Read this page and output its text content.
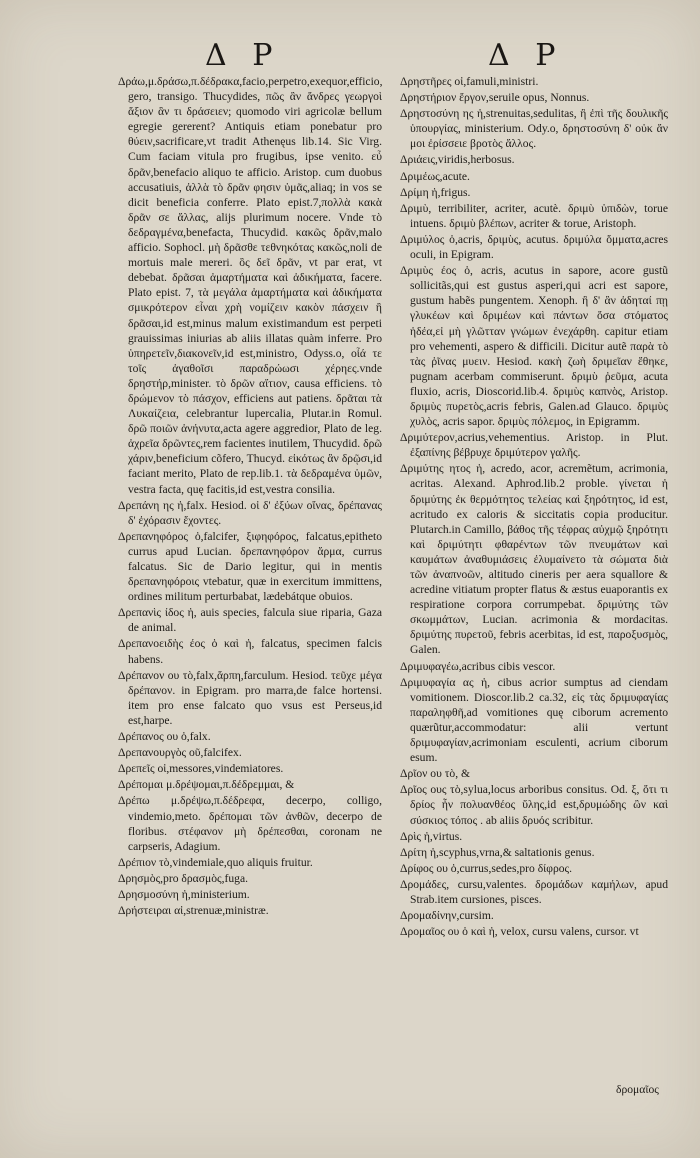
Δ Ρ	Δ Ρ

Δράω,μ.δράσω,π.δέδρακα,facio,perpetro,exequor,efficio, gero, transigo. Thucydides, πῶς ἂν ἄνδρες γεωργοὶ ἄξιον ἂν τι δράσειεν; quomodo viri agricolæ bellum egregie gererent? Antiquis etiam ponebatur pro θύειν,sacrificare,vt tradit Athenęus lib.14. Sic Virg. Cum faciam vitula pro frugibus, ipse venito. εὖ δρᾶν,benefacio aliquo te afficio. Aristop. cum duobus accusatiuis, ἀλλὰ τὸ δρᾶν φησιν ὑμᾶς,aliaq; in vos se dicit beneficia conferre. Plato epist.7,πολλὰ κακὰ δρᾶν σε ἄλλας, alijs plurimum nocere. Vnde τὸ δεδραγμένα,benefacta, Thucydid. κακῶς δρᾶν,malo afficio. Sophocl. μὴ δρᾶσθε τεθνηκότας κακῶς,noli de mortuis male mereri. ὃς δεῖ δρᾶν, vt par erat, vt debebat. δρᾶσαι ἁμαρτήματα καὶ ἀδικήματα, facere. Plato epist. 7, τὰ μεγάλα ἁμαρτήματα καὶ ἀδικήματα σμικρότερον εἶναι χρὴ νομίζειν κακὸν πάσχειν ἢ δρᾶσαι,id est,minus malum existimandum est perpeti grauissimas iniurias ab aliis illatas quàm inferre. Pro ὑπηρετεῖν,διακονεῖν,id est,ministro, Odyss.o, οἷά τε τοῖς ἀγαθοῖσι παραδρώωσι χέρηες.vnde δρηστήρ,minister. τὸ δρῶν αἴτιον, causa efficiens. τὸ δρώμενον τὸ πάσχον, efficiens aut patiens. δρᾶται τὰ Λυκαίζεια, celebrantur lupercalia, Plutar.in Romul. δρῶ ποιῶν ἀνήνυτα,acta agere aggredior, Plato de leg. ἀχρεῖα δρῶντες,rem facientes inutilem, Thucydid. δρῶ χάριν,beneficium cõfero, Thucyd. εἰκότως ἂν δρῷσι,id faciant merito, Plato de rep.lib.1. τὰ δεδραμένα ὑμῶν, vestra facta, quę facitis,id est,vestra consilia.

Δρεπάνη ης ἡ,falx. Hesiod. οἱ δ' ἐξύων οἴνας, δρέπανας δ' ἐχόρασιν ἔχοντες.

Δρεπανηφόρος ὁ,falcifer, ξιφηφόρος, falcatus,epitheto currus apud Lucian. δρεπανηφόρον ἅρμα, currus falcatus. Sic de Dario legitur, qui in mentis δρεπανηφόροις vtebatur, quæ in exercitum immittens, ordines militum perturbabat, lædebátque obuios.

Δρεπανὶς ίδος ἡ, auis species, falcula siue riparia, Gaza de animal.

Δρεπανοειδὴς έος ὁ καὶ ἡ, falcatus, specimen falcis habens.

Δρέπανον ου τὸ,falx,ἅρπη,farculum. Hesiod. τεῦχε μέγα δρέπανον. in Epigram. pro marra,de falce hortensi. item pro ense falcato quo vsus est Perseus,id est,harpe.

Δρέπανος ου ὁ,falx.

Δρεπανουργὸς οῦ,falcifex.

Δρεπεῖς οἱ,messores,vindemiatores.

Δρέπομαι μ.δρέψομαι,π.δέδρεμμαι, &

Δρέπω μ.δρέψω,π.δέδρεφα, decerpo, colligo, vindemio,meto. δρέπομαι τῶν ἀνθῶν, decerpo de floribus. στέφανον μὴ δρέπεσθαι, coronam ne carpseris, Adagium.

Δρέπιον τὸ,vindemiale,quo aliquis fruitur.

Δρησμὸς,pro δρασμὸς,fuga.

Δρησμοσύνη ἡ,ministerium.

Δρήστειραι αἱ,strenuæ,ministræ.

Δρηστῆρες οἱ,famuli,ministri.

Δρηστήριον ἔργον,seruile opus, Nonnus.

Δρηστοσύνη ης ἡ,strenuitas,sedulitas, ἢ ἐπὶ τῆς δουλικῆς ὑπουργίας, ministerium. Ody.o, δρηστοσύνη δ' οὐκ ἄν μοι ἐρίσσειε βροτὸς ἄλλος.

Δριάεις,viridis,herbosus.

Δριμέως,acute.

Δρίμη ἡ,frigus.

Δριμὺ, terribiliter, acriter, acutè. δριμὺ ὑπιδὼν, torue intuens. δριμὺ βλέπων, acriter & torue, Aristoph.

Δριμύλος ὁ,acris, δριμὺς, acutus. δριμύλα ὄμματα,acres oculi, in Epigram.

Δριμὺς έος ὁ, acris, acutus in sapore, acore gustũ sollicitãs,qui est gustus asperi,qui acri est sapore, gustum habẽs pungentem. Xenoph. ἢ δ' ἂν ἀδηταί πῃ γλυκέων καὶ δριμέων καὶ πάντων ὅσα στόματος ἡδέα,εἰ μὴ γλῶτταν γνώμων ἐνεχάρθη. capitur etiam pro vehementi, aspero & difficili. Dicitur autẽ παρὰ τὸ τὰς ῥῖνας μυειν. Hesiod. κακὴ ζωὴ δριμεῖαν ἔθηκε, pugnam acerbam commiserunt. δριμὺ ῥεῦμα, acuta fluxio, acris, Dioscorid.lib.4. δριμὺς καπνὸς, Aristop. δριμὺς πυρετὸς,acris febris, Galen.ad Glauco. δριμὺς χυλὸς, acris sapor. δριμὺς πόλεμος, in Epigramm.

Δριμύτερον,acrius,vehementius. Aristop. in Plut. ἐξαπίνης βέβρυχε δριμύτερον γαλῆς.

Δριμύτης ητος ἡ, acredo, acor, acremẽtum, acrimonia, acritas. Alexand. Aphrod.lib.2 proble. γίνεται ἡ δριμύτης ἐκ θερμότητος τελείας καὶ ξηρότητος, id est, acritudo ex caloris & siccitatis copia producitur. Plutarch.in Camillo, βάθος τῆς τέφρας αὐχμῷ ξηρότητι καὶ δριμύτητι φθαρέντων τῶν πνευμάτων καὶ καυμάτων ἀναθυμιάσεις ἐλυμαίνετο τὰ σώματα διὰ τῶν ἀναπνοῶν, altitudo cineris per aera squallore & acredine vitiatum propter flatus & æstus euaporantis ex respiratione corpora corrumpebat. δριμύτης τῶν σκωμμάτων, Lucian. acrimonia & mordacitas. δριμύτης πυρετοῦ, febris acerbitas, id est, παροξυσμὸς, Galen.

Δριμυφαγέω,acribus cibis vescor.

Δριμυφαγία ας ἡ, cibus acrior sumptus ad ciendam vomitionem. Dioscor.lib.2 ca.32, εἰς τὰς δριμυφαγίας παραληφθῆ,ad vomitiones quę ciborum acremento quærũtur,accommodatur: alii vertunt δριμυφαγίαν,acrimoniam esculenti, acrium ciborum esum.

Δρῖον ου τὸ, &

Δρῖος ους τὸ,sylua,locus arboribus consitus. Od. ξ, ὅτι τι δρίος ἦν πολυανθέος ὕλης,id est,δρυμώδης ὢν καὶ σύσκιος τόπος . ab aliis δρυός scribitur.

Δρὶς ἡ,virtus.

Δρίτη ἡ,scyphus,vrna,& saltationis genus.

Δρίφος ου ὁ,currus,sedes,pro δίφρος.

Δρομάδες, cursu,valentes. δρομάδων καμήλων, apud Strab.item cursiones, pisces.

Δρομαδίνην,cursim.

Δρομαῖος ου ὁ καὶ ἡ, velox, cursu valens, cursor. vt

δρομαῖος
